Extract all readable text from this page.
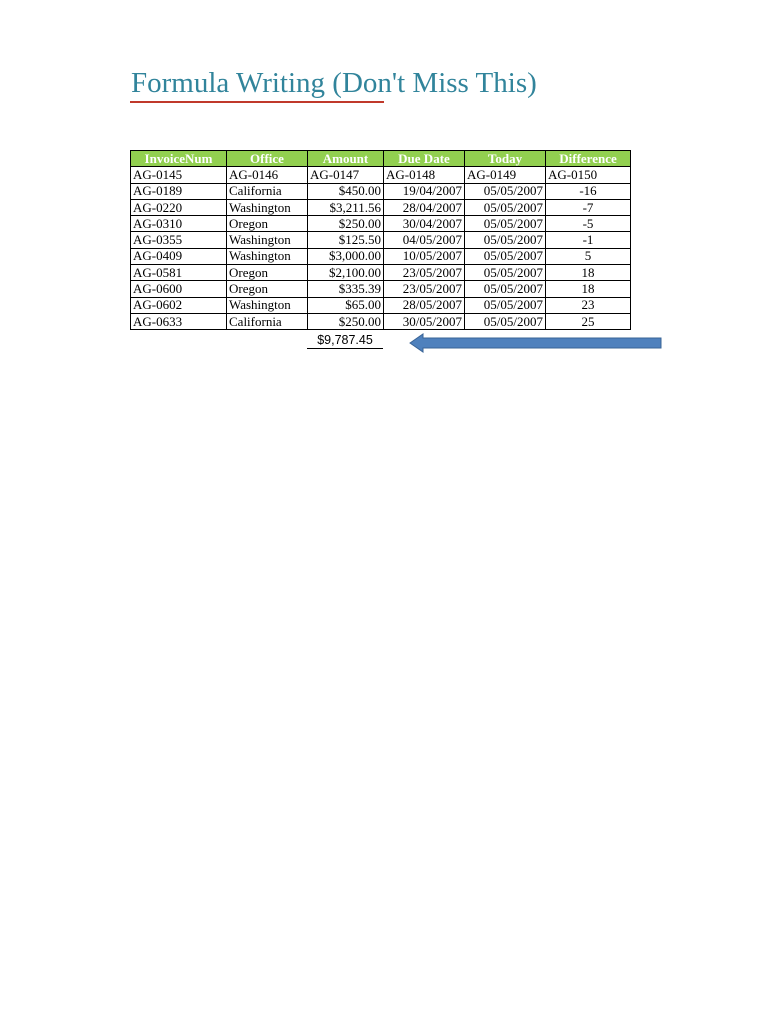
Formula Writing (Don't Miss This)
InvoiceNum	Office	Amount	Due Date	Today	Difference
AG-0145	AG-0146	AG-0147	AG-0148	AG-0149	AG-0150
AG-0189	California	$450.00	19/04/2007	05/05/2007	-16
AG-0220	Washington	$3,211.56	28/04/2007	05/05/2007	-7
AG-0310	Oregon	$250.00	30/04/2007	05/05/2007	-5
AG-0355	Washington	$125.50	04/05/2007	05/05/2007	-1
AG-0409	Washington	$3,000.00	10/05/2007	05/05/2007	5
AG-0581	Oregon	$2,100.00	23/05/2007	05/05/2007	18
AG-0600	Oregon	$335.39	23/05/2007	05/05/2007	18
AG-0602	Washington	$65.00	28/05/2007	05/05/2007	23
AG-0633	California	$250.00	30/05/2007	05/05/2007	25
$9,787.45
